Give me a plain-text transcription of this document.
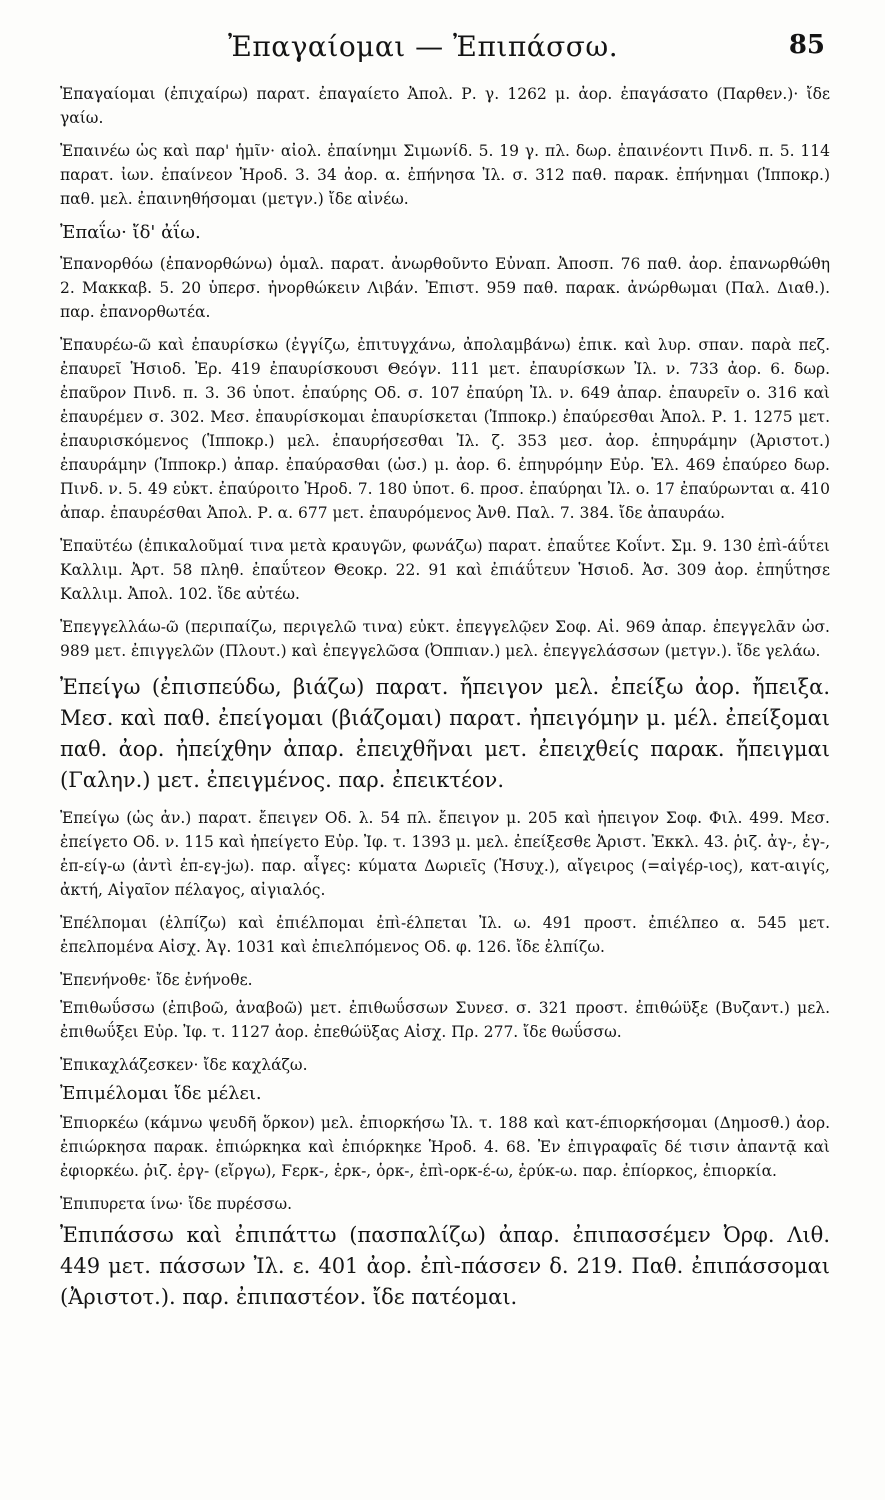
Ἐπαγαίομαι — Ἐπιπάσσω.	85

Ἐπαγαίομαι (ἐπιχαίρω) παρατ. ἐπαγαίετο Ἀπολ. Ρ. γ. 1262 μ. ἀορ. ἐπαγάσατο (Παρθεν.)· ἴδε γαίω.

Ἐπαινέω ὡς καὶ παρ' ἡμῖν· αἰολ. ἐπαίνημι Σιμωνίδ. 5. 19 γ. πλ. δωρ. ἐπαινέοντι Πινδ. π. 5. 114 παρατ. ἰων. ἐπαίνεον Ἡροδ. 3. 34 ἀορ. α. ἐπήνησα Ἰλ. σ. 312 παθ. παρακ. ἐπήνημαι (Ἱπποκρ.) παθ. μελ. ἐπαινηθήσομαι (μετγν.) ἴδε αἰνέω.

Ἐπαΐω· ἴδ' ἀΐω.

Ἐπανορθόω (ἐπανορθώνω) ὁμαλ. παρατ. ἀνωρθοῦντο Εὐναπ. Ἀποσπ. 76 παθ. ἀορ. ἐπανωρθώθη 2. Μακκαβ. 5. 20 ὑπερσ. ἠνορθώκειν Λιβάν. Ἐπιστ. 959 παθ. παρακ. ἀνώρθωμαι (Παλ. Διαθ.). παρ. ἐπανορθωτέα.

Ἐπαυρέω-ῶ καὶ ἐπαυρίσκω (ἐγγίζω, ἐπιτυγχάνω, ἀπολαμβάνω) ἐπικ. καὶ λυρ. σπαν. παρὰ πεζ. ἐπαυρεῖ Ἡσιοδ. Ἐρ. 419 ἐπαυρίσκουσι Θεόγν. 111 μετ. ἐπαυρίσκων Ἰλ. ν. 733 ἀορ. 6. δωρ. ἐπαῦρον Πινδ. π. 3. 36 ὑποτ. ἐπαύρης Οδ. σ. 107 ἐπαύρη Ἰλ. ν. 649 ἀπαρ. ἐπαυρεῖν ο. 316 καὶ ἐπαυρέμεν σ. 302. Μεσ. ἐπαυρίσκομαι ἐπαυρίσκεται (Ἱπποκρ.) ἐπαύρεσθαι Ἀπολ. Ρ. 1. 1275 μετ. ἐπαυρισκόμενος (Ἱπποκρ.) μελ. ἐπαυρήσεσθαι Ἰλ. ζ. 353 μεσ. ἀορ. ἐπηυράμην (Ἀριστοτ.) ἐπαυράμην (Ἱπποκρ.) ἀπαρ. ἐπαύρασθαι (ὡσ.) μ. ἀορ. 6. ἐπηυρόμην Εὐρ. Ἑλ. 469 ἐπαύρεο δωρ. Πινδ. ν. 5. 49 εὐκτ. ἐπαύροιτο Ἡροδ. 7. 180 ὑποτ. 6. προσ. ἐπαύρηαι Ἰλ. ο. 17 ἐπαύρωνται α. 410 ἀπαρ. ἐπαυρέσθαι Ἀπολ. Ρ. α. 677 μετ. ἐπαυρόμενος Ἀνθ. Παλ. 7. 384. ἴδε ἀπαυράω.

Ἐπαϋτέω (ἐπικαλοῦμαί τινα μετὰ κραυγῶν, φωνάζω) παρατ. ἐπαΰτεε Κοΐντ. Σμ. 9. 130 ἐπὶ-άΰτει Καλλιμ. Ἀρτ. 58 πληθ. ἐπαΰτεον Θεοκρ. 22. 91 καὶ ἐπιάΰτευν Ἡσιοδ. Ἀσ. 309 ἀορ. ἐπηΰτησε Καλλιμ. Ἀπολ. 102. ἴδε αὐτέω.

Ἐπεγγελλάω-ῶ (περιπαίζω, περιγελῶ τινα) εὐκτ. ἐπεγγελῷεν Σοφ. Αἰ. 969 ἀπαρ. ἐπεγγελᾶν ὡσ. 989 μετ. ἐπιγγελῶν (Πλουτ.) καὶ ἐπεγγελῶσα (Ὀππιαν.) μελ. ἐπεγγελάσσων (μετγν.). ἴδε γελάω.

Ἐπείγω (ἐπισπεύδω, βιάζω) παρατ. ἤπειγον μελ. ἐπείξω ἀορ. ἤπειξα. Μεσ. καὶ παθ. ἐπείγομαι (βιάζομαι) παρατ. ἠπειγόμην μ. μέλ. ἐπείξομαι παθ. ἀορ. ἠπείχθην ἀπαρ. ἐπειχθῆναι μετ. ἐπειχθείς παρακ. ἤπειγμαι (Γαλην.) μετ. ἐπειγμένος. παρ. ἐπεικτέον.

Ἐπείγω (ὡς ἀν.) παρατ. ἔπειγεν Οδ. λ. 54 πλ. ἔπειγον μ. 205 καὶ ἠπειγον Σοφ. Φιλ. 499. Μεσ. ἐπείγετο Οδ. ν. 115 καὶ ἠπείγετο Εὐρ. Ἰφ. τ. 1393 μ. μελ. ἐπείξεσθε Ἀριστ. Ἐκκλ. 43. ῥιζ. ἀγ-, ἐγ-, ἐπ-είγ-ω (ἀντὶ ἐπ-εγ-jω). παρ. αἶγες: κύματα Δωριεῖς (Ἡσυχ.), αἴγειρος (=αἰγέρ-ιος), κατ-αιγίς, ἀκτή, Αἰγαῖον πέλαγος, αἰγιαλός.

Ἐπέλπομαι (ἐλπίζω) καὶ ἐπιέλπομαι ἐπὶ-έλπεται Ἰλ. ω. 491 προστ. ἐπιέλπεο α. 545 μετ. ἐπελπομένα Αἰσχ. Ἀγ. 1031 καὶ ἐπιελπόμενος Οδ. φ. 126. ἴδε ἐλπίζω.

Ἐπενήνοθε· ἴδε ἐνήνοθε.

Ἐπιθωΰσσω (ἐπιβοῶ, ἀναβοῶ) μετ. ἐπιθωΰσσων Συνεσ. σ. 321 προστ. ἐπιθώϋξε (Βυζαντ.) μελ. ἐπιθωΰξει Εὐρ. Ἰφ. τ. 1127 ἀορ. ἐπεθώϋξας Αἰσχ. Πρ. 277. ἴδε θωΰσσω.

Ἐπικαχλάζεσκεν· ἴδε καχλάζω.

Ἐπιμέλομαι ἴδε μέλει.

Ἐπιορκέω (κάμνω ψευδῆ ὅρκον) μελ. ἐπιορκήσω Ἰλ. τ. 188 καὶ κατ-έπιορκήσομαι (Δημοσθ.) ἀορ. ἐπιώρκησα παρακ. ἐπιώρκηκα καὶ ἐπιόρκηκε Ἡροδ. 4. 68. Ἐν ἐπιγραφαῖς δέ τισιν ἀπαντᾷ καὶ ἐφιορκέω. ῥιζ. ἐργ- (εἴργω), Ϝερκ-, ἑρκ-, ὁρκ-, ἐπὶ-ορκ-έ-ω, ἐρύκ-ω. παρ. ἐπίορκος, ἐπιορκία.

Ἐπιπυρετα ίνω· ἴδε πυρέσσω.

Ἐπιπάσσω καὶ ἐπιπάττω (πασπαλίζω) ἀπαρ. ἐπιπασσέμεν Ὀρφ. Λιθ. 449 μετ. πάσσων Ἰλ. ε. 401 ἀορ. ἐπὶ-πάσσεν δ. 219. Παθ. ἐπιπάσσομαι (Ἀριστοτ.). παρ. ἐπιπαστέον. ἴδε πατέομαι.
